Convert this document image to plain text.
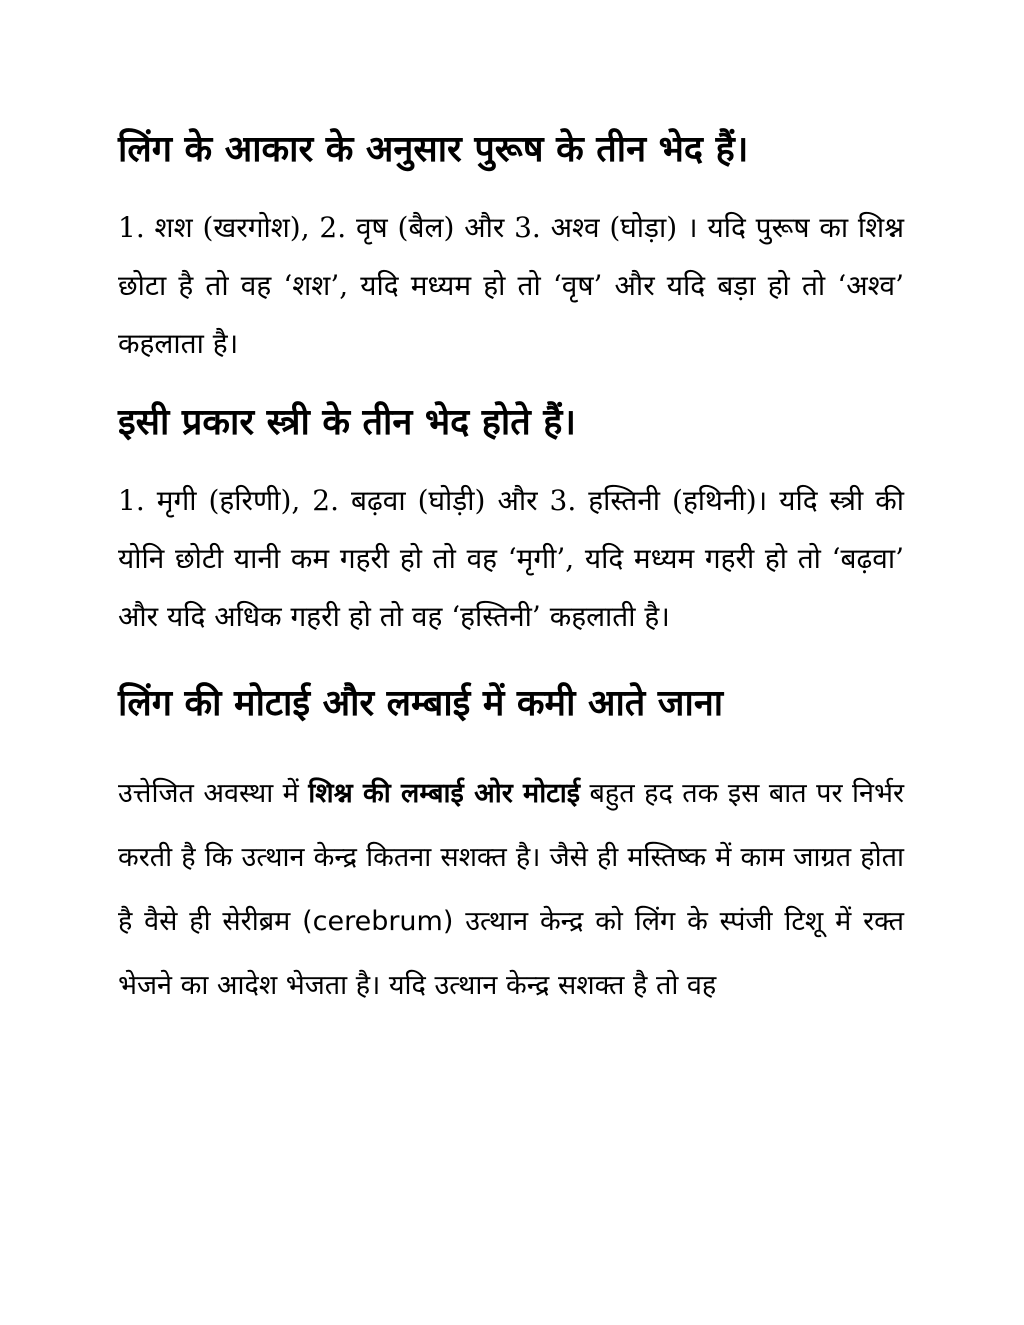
लिंग के आकार के अनुसार पुरूष के तीन भेद हैं।

1. शश (खरगोश), 2. वृष (बैल) और 3. अश्व (घोड़ा) । यदि पुरूष का शिश्न छोटा है तो वह ‘शश’, यदि मध्यम हो तो ‘वृष’ और यदि बड़ा हो तो ‘अश्व’ कहलाता है।

इसी प्रकार स्त्री के तीन भेद होते हैं।

1. मृगी (हरिणी), 2. बढ़वा (घोड़ी) और 3. हस्तिनी (हथिनी)। यदि स्त्री की योनि छोटी यानी कम गहरी हो तो वह ‘मृगी’, यदि मध्यम गहरी हो तो ‘बढ़वा’ और यदि अधिक गहरी हो तो वह ‘हस्तिनी’ कहलाती है।

लिंग की मोटाई और लम्बाई में कमी आते जाना

उत्तेजित अवस्था में शिश्न की लम्बाई ओर मोटाई बहुत हद तक इस बात पर निर्भर करती है कि उत्थान केन्द्र कितना सशक्त है। जैसे ही मस्तिष्क में काम जाग्रत होता है वैसे ही सेरीब्रम (cerebrum) उत्थान केन्द्र को लिंग के स्पंजी टिशू में रक्त भेजने का आदेश भेजता है। यदि उत्थान केन्द्र सशक्त है तो वह
